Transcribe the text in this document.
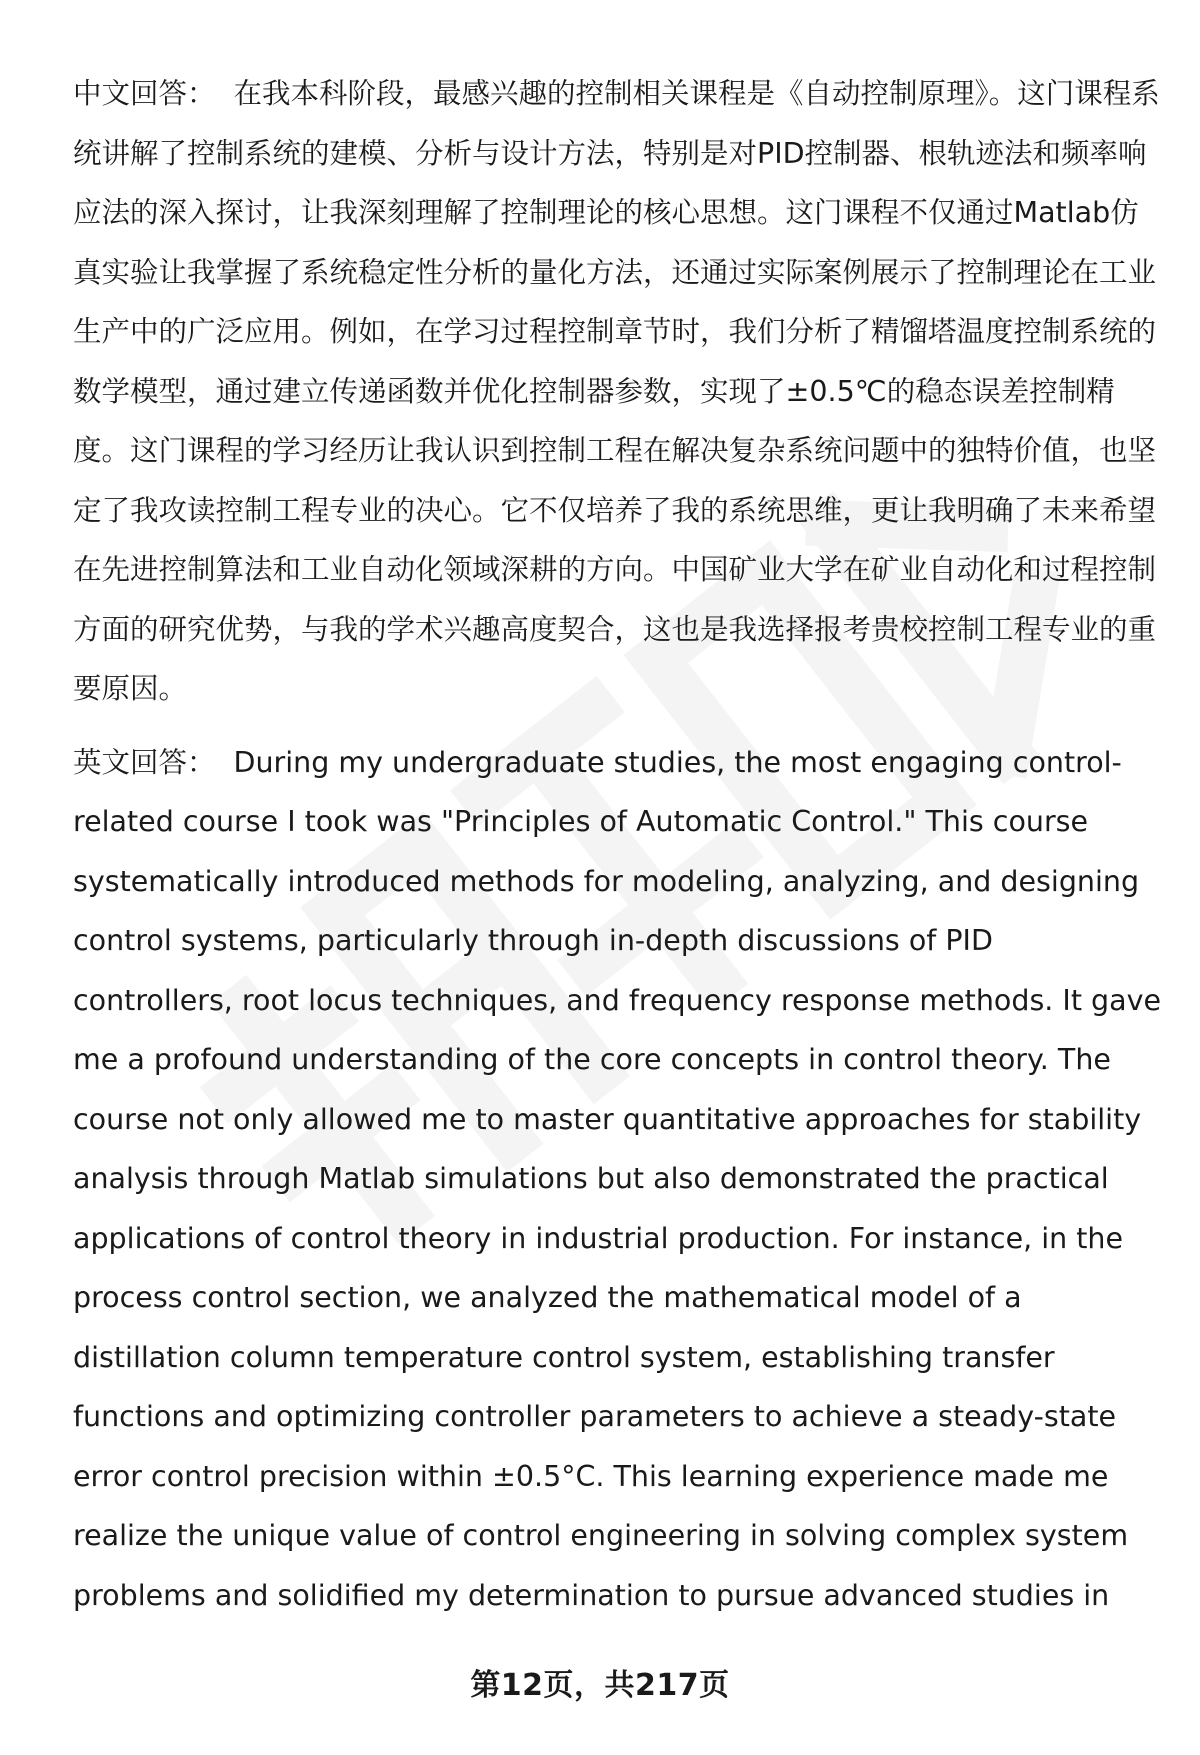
中文回答： 在我本科阶段，最感兴趣的控制相关课程是《自动控制原理》。这门课程系统讲解了控制系统的建模、分析与设计方法，特别是对PID控制器、根轨迹法和频率响应法的深入探讨，让我深刻理解了控制理论的核心思想。这门课程不仅通过Matlab仿真实验让我掌握了系统稳定性分析的量化方法，还通过实际案例展示了控制理论在工业生产中的广泛应用。例如，在学习过程控制章节时，我们分析了精馏塔温度控制系统的数学模型，通过建立传递函数并优化控制器参数，实现了±0.5℃的稳态误差控制精度。这门课程的学习经历让我认识到控制工程在解决复杂系统问题中的独特价值，也坚定了我攻读控制工程专业的决心。它不仅培养了我的系统思维，更让我明确了未来希望在先进控制算法和工业自动化领域深耕的方向。中国矿业大学在矿业自动化和过程控制方面的研究优势，与我的学术兴趣高度契合，这也是我选择报考贵校控制工程专业的重要原因。

英文回答： During my undergraduate studies, the most engaging control-related course I took was "Principles of Automatic Control." This course systematically introduced methods for modeling, analyzing, and designing control systems, particularly through in-depth discussions of PID controllers, root locus techniques, and frequency response methods. It gave me a profound understanding of the core concepts in control theory. The course not only allowed me to master quantitative approaches for stability analysis through Matlab simulations but also demonstrated the practical applications of control theory in industrial production. For instance, in the process control section, we analyzed the mathematical model of a distillation column temperature control system, establishing transfer functions and optimizing controller parameters to achieve a steady-state error control precision within ±0.5°C. This learning experience made me realize the unique value of control engineering in solving complex system problems and solidified my determination to pursue advanced studies in

第12页，共217页
